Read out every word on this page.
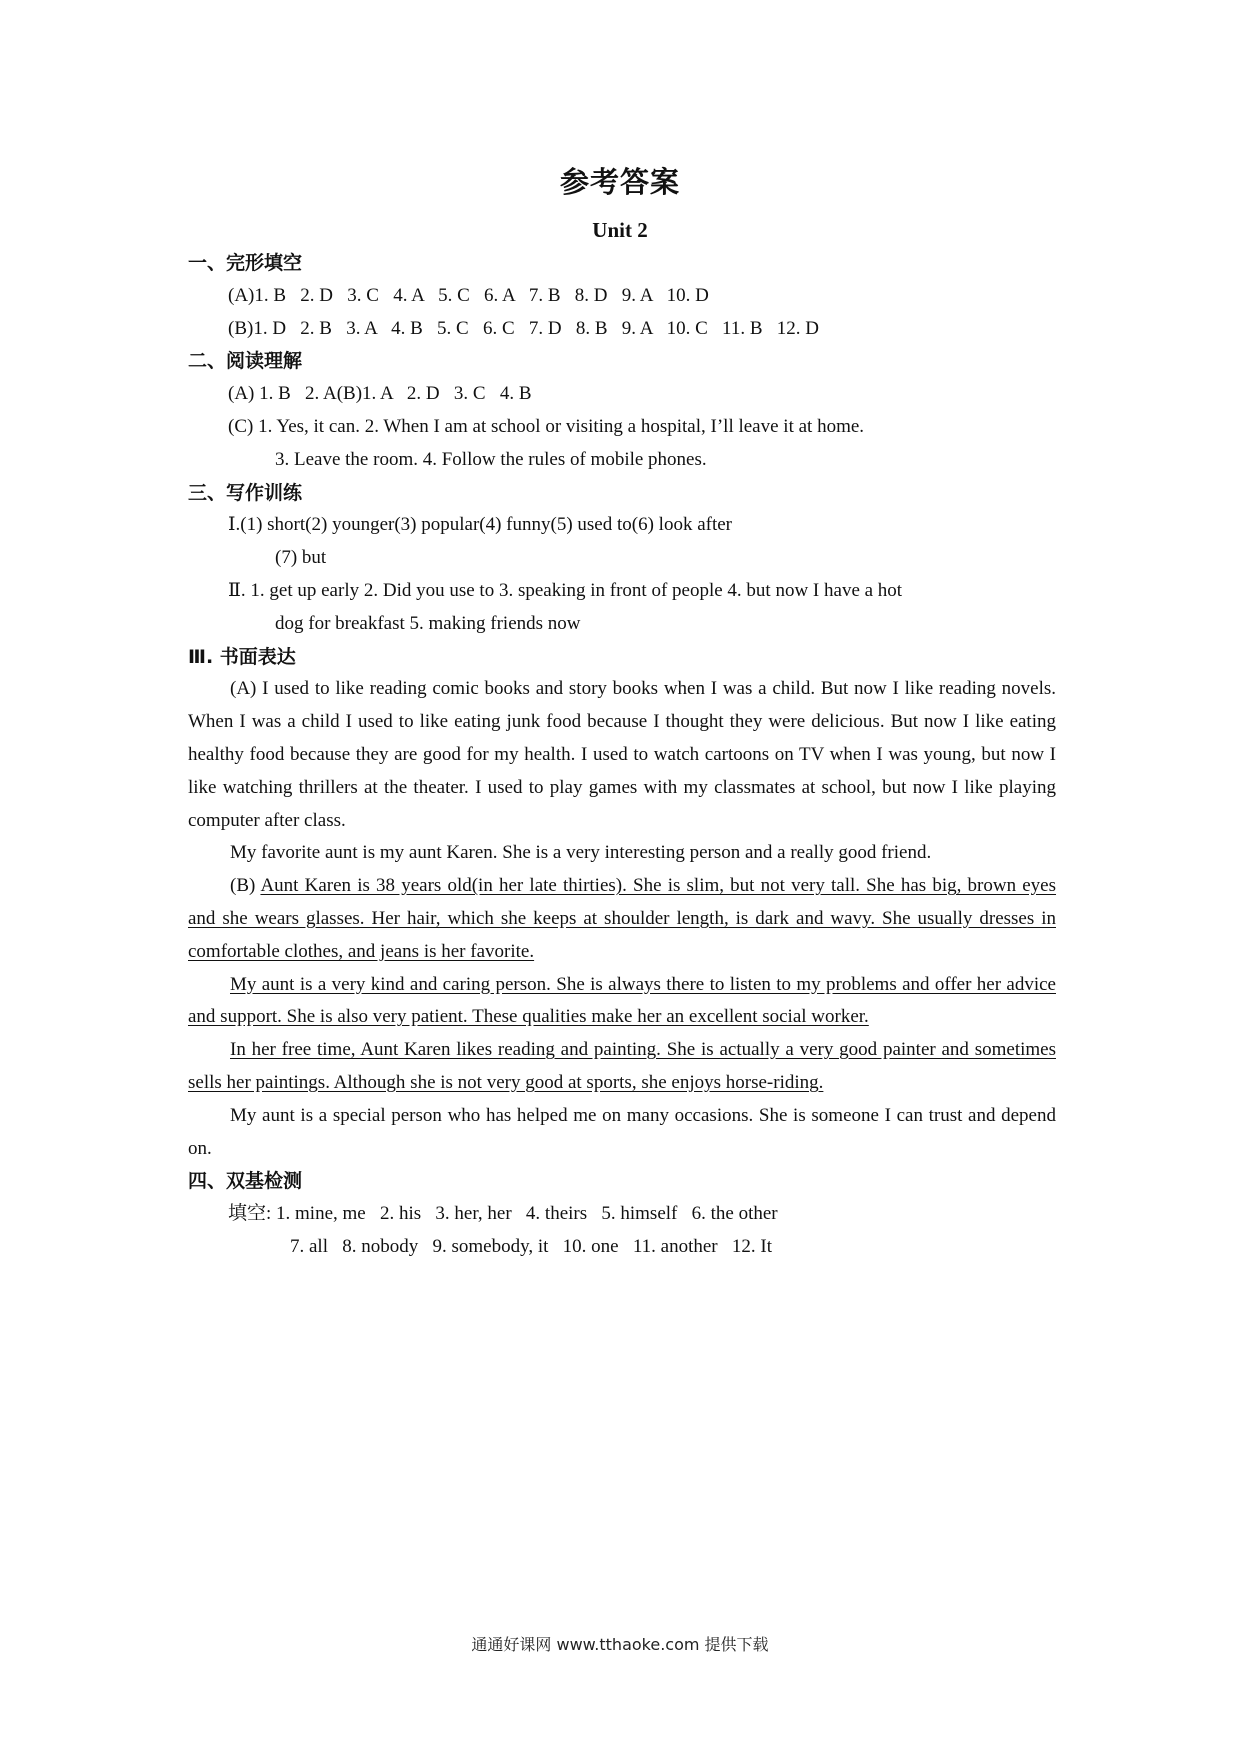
参考答案
Unit 2
一、完形填空
(A)1. B   2. D   3. C   4. A   5. C   6. A   7. B   8. D   9. A   10. D
(B)1. D   2. B   3. A   4. B   5. C   6. C   7. D   8. B   9. A   10. C   11. B   12. D
二、阅读理解
(A) 1. B   2. A(B)1. A   2. D   3. C   4. B
(C) 1. Yes, it can. 2. When I am at school or visiting a hospital, I’ll leave it at home.
3. Leave the room. 4. Follow the rules of mobile phones.
三、写作训练
Ⅰ.(1) short(2) younger(3) popular(4) funny(5) used to(6) look after
(7) but
Ⅱ. 1. get up early 2. Did you use to 3. speaking in front of people 4. but now I have a hot
dog for breakfast 5. making friends now
Ⅲ. 书面表达
(A) I used to like reading comic books and story books when I was a child. But now I like reading novels. When I was a child I used to like eating junk food because I thought they were delicious. But now I like eating healthy food because they are good for my health. I used to watch cartoons on TV when I was young, but now I like watching thrillers at the theater. I used to play games with my classmates at school, but now I like playing computer after class.
My favorite aunt is my aunt Karen. She is a very interesting person and a really good friend.
(B) Aunt Karen is 38 years old(in her late thirties). She is slim, but not very tall. She has big, brown eyes and she wears glasses. Her hair, which she keeps at shoulder length, is dark and wavy. She usually dresses in comfortable clothes, and jeans is her favorite.
My aunt is a very kind and caring person. She is always there to listen to my problems and offer her advice and support. She is also very patient. These qualities make her an excellent social worker.
In her free time, Aunt Karen likes reading and painting. She is actually a very good painter and sometimes sells her paintings. Although she is not very good at sports, she enjoys horse-riding.
My aunt is a special person who has helped me on many occasions. She is someone I can trust and depend on.
四、双基检测
填空: 1. mine, me   2. his   3. her, her   4. theirs   5. himself   6. the other
7. all   8. nobody   9. somebody, it   10. one   11. another   12. It
通通好课网 www.tthaoke.com 提供下载
